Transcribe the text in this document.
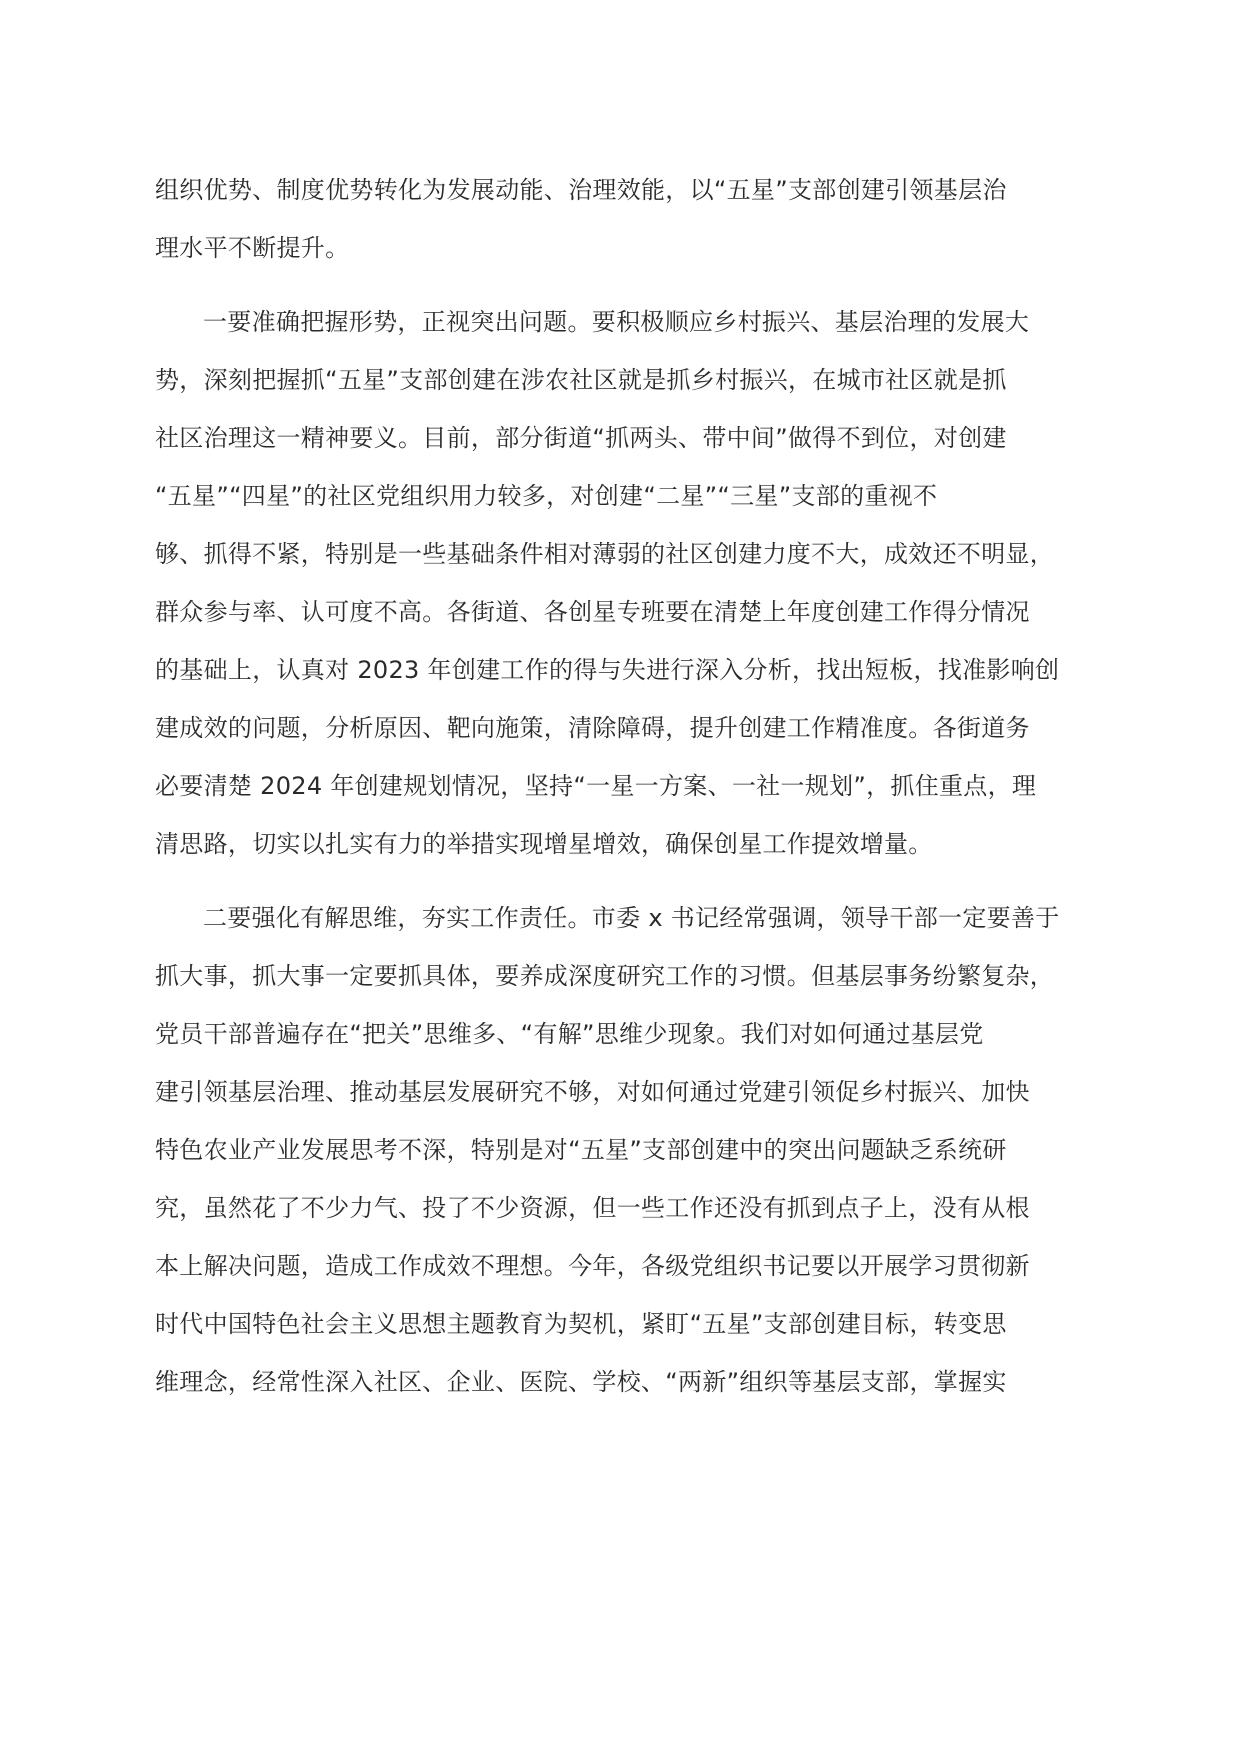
组织优势、制度优势转化为发展动能、治理效能，以“五星”支部创建引领基层治
理水平不断提升。
一要准确把握形势，正视突出问题。要积极顺应乡村振兴、基层治理的发展大
势，深刻把握抓“五星”支部创建在涉农社区就是抓乡村振兴，在城市社区就是抓
社区治理这一精神要义。目前，部分街道“抓两头、带中间”做得不到位，对创建
“五星”“四星”的社区党组织用力较多，对创建“二星”“三星”支部的重视不
够、抓得不紧，特别是一些基础条件相对薄弱的社区创建力度不大，成效还不明显，
群众参与率、认可度不高。各街道、各创星专班要在清楚上年度创建工作得分情况
的基础上，认真对 2023 年创建工作的得与失进行深入分析，找出短板，找准影响创
建成效的问题，分析原因、靶向施策，清除障碍，提升创建工作精准度。各街道务
必要清楚 2024 年创建规划情况，坚持“一星一方案、一社一规划”，抓住重点，理
清思路，切实以扎实有力的举措实现增星增效，确保创星工作提效增量。
二要强化有解思维，夯实工作责任。市委 x 书记经常强调，领导干部一定要善于
抓大事，抓大事一定要抓具体，要养成深度研究工作的习惯。但基层事务纷繁复杂，
党员干部普遍存在“把关”思维多、“有解”思维少现象。我们对如何通过基层党
建引领基层治理、推动基层发展研究不够，对如何通过党建引领促乡村振兴、加快
特色农业产业发展思考不深，特别是对“五星”支部创建中的突出问题缺乏系统研
究，虽然花了不少力气、投了不少资源，但一些工作还没有抓到点子上，没有从根
本上解决问题，造成工作成效不理想。今年，各级党组织书记要以开展学习贯彻新
时代中国特色社会主义思想主题教育为契机，紧盯“五星”支部创建目标，转变思
维理念，经常性深入社区、企业、医院、学校、“两新”组织等基层支部，掌握实
